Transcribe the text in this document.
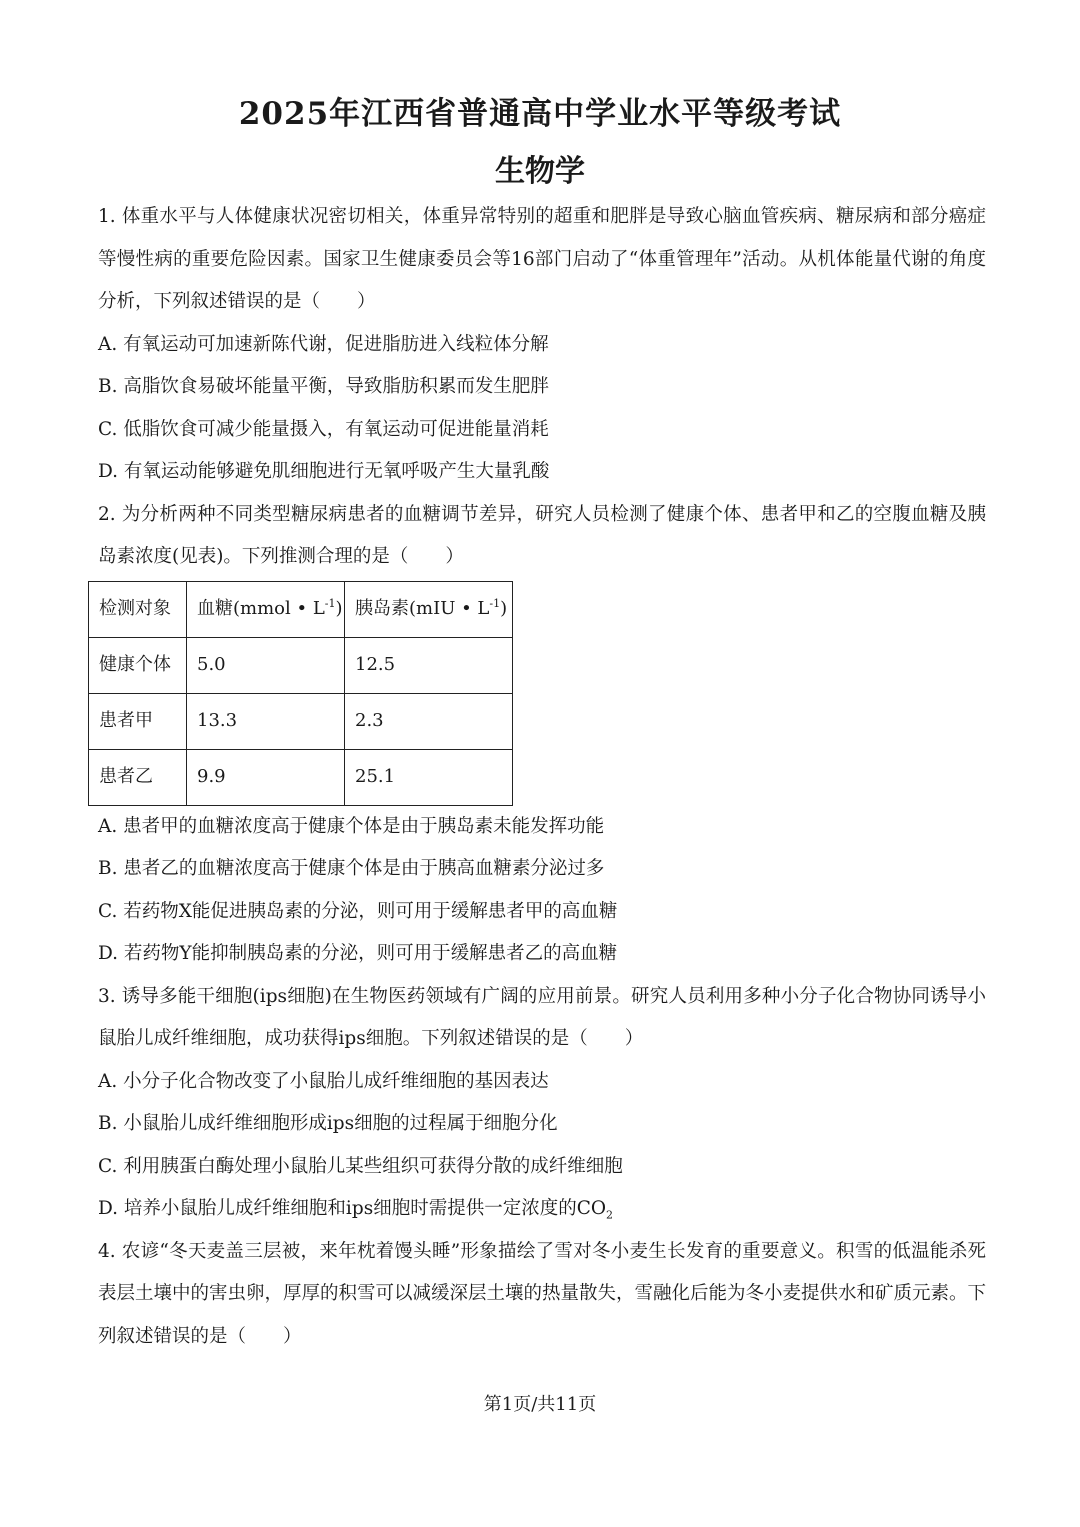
2025年江西省普通高中学业水平等级考试
生物学

1. 体重水平与人体健康状况密切相关，体重异常特别的超重和肥胖是导致心脑血管疾病、糖尿病和部分癌症等慢性病的重要危险因素。国家卫生健康委员会等16部门启动了“体重管理年”活动。从机体能量代谢的角度分析，下列叙述错误的是（　　）

A. 有氧运动可加速新陈代谢，促进脂肪进入线粒体分解

B. 高脂饮食易破坏能量平衡，导致脂肪积累而发生肥胖

C. 低脂饮食可减少能量摄入，有氧运动可促进能量消耗

D. 有氧运动能够避免肌细胞进行无氧呼吸产生大量乳酸

2. 为分析两种不同类型糖尿病患者的血糖调节差异，研究人员检测了健康个体、患者甲和乙的空腹血糖及胰岛素浓度(见表)。下列推测合理的是（　　）

检测对象	血糖(mmol • $L^{-1}$)	胰岛素(mIU • $L^{-1}$)
健康个体	5.0	12.5
患者甲	13.3	2.3
患者乙	9.9	25.1

A. 患者甲的血糖浓度高于健康个体是由于胰岛素未能发挥功能

B. 患者乙的血糖浓度高于健康个体是由于胰高血糖素分泌过多

C. 若药物X能促进胰岛素的分泌，则可用于缓解患者甲的高血糖

D. 若药物Y能抑制胰岛素的分泌，则可用于缓解患者乙的高血糖

3. 诱导多能干细胞(ips细胞)在生物医药领域有广阔的应用前景。研究人员利用多种小分子化合物协同诱导小鼠胎儿成纤维细胞，成功获得ips细胞。下列叙述错误的是（　　）

A. 小分子化合物改变了小鼠胎儿成纤维细胞的基因表达

B. 小鼠胎儿成纤维细胞形成ips细胞的过程属于细胞分化

C. 利用胰蛋白酶处理小鼠胎儿某些组织可获得分散的成纤维细胞

D. 培养小鼠胎儿成纤维细胞和ips细胞时需提供一定浓度的$CO_2$

4. 农谚“冬天麦盖三层被，来年枕着馒头睡”形象描绘了雪对冬小麦生长发育的重要意义。积雪的低温能杀死表层土壤中的害虫卵，厚厚的积雪可以减缓深层土壤的热量散失，雪融化后能为冬小麦提供水和矿质元素。下列叙述错误的是（　　）

第1页/共11页
